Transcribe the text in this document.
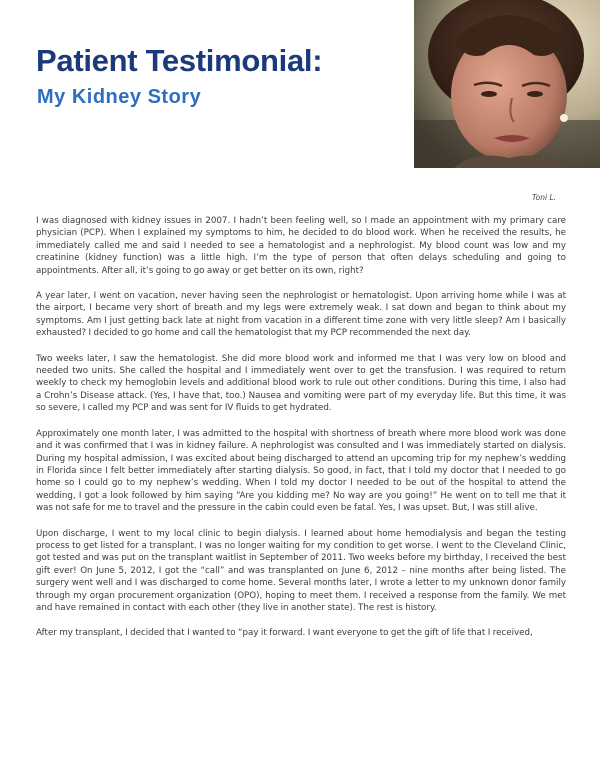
Patient Testimonial:
My Kidney Story
Toni L.

I was diagnosed with kidney issues in 2007. I hadn’t been feeling well, so I made an appointment with my primary care physician (PCP). When I explained my symptoms to him, he decided to do blood work. When he received the results, he immediately called me and said I needed to see a hematologist and a nephrologist. My blood count was low and my creatinine (kidney function) was a little high. I’m the type of person that often delays scheduling and going to appointments. After all, it’s going to go away or get better on its own, right?

A year later, I went on vacation, never having seen the nephrologist or hematologist. Upon arriving home while I was at the airport, I became very short of breath and my legs were extremely weak. I sat down and began to think about my symptoms. Am I just getting back late at night from vacation in a different time zone with very little sleep? Am I basically exhausted? I decided to go home and call the hematologist that my PCP recommended the next day.

Two weeks later, I saw the hematologist. She did more blood work and informed me that I was very low on blood and needed two units. She called the hospital and I immediately went over to get the transfusion. I was required to return weekly to check my hemoglobin levels and additional blood work to rule out other conditions. During this time, I also had a Crohn’s Disease attack. (Yes, I have that, too.) Nausea and vomiting were part of my everyday life. But this time, it was so severe, I called my PCP and was sent for IV fluids to get hydrated.

Approximately one month later, I was admitted to the hospital with shortness of breath where more blood work was done and it was confirmed that I was in kidney failure. A nephrologist was consulted and I was immediately started on dialysis. During my hospital admission, I was excited about being discharged to attend an upcoming trip for my nephew’s wedding in Florida since I felt better immediately after starting dialysis. So good, in fact, that I told my doctor that I needed to go home so I could go to my nephew’s wedding. When I told my doctor I needed to be out of the hospital to attend the wedding, I got a look followed by him saying “Are you kidding me? No way are you going!” He went on to tell me that it was not safe for me to travel and the pressure in the cabin could even be fatal. Yes, I was upset. But, I was still alive.

Upon discharge, I went to my local clinic to begin dialysis. I learned about home hemodialysis and began the testing process to get listed for a transplant. I was no longer waiting for my condition to get worse. I went to the Cleveland Clinic, got tested and was put on the transplant waitlist in September of 2011. Two weeks before my birthday, I received the best gift ever! On June 5, 2012, I got the “call” and was transplanted on June 6, 2012 – nine months after being listed. The surgery went well and I was discharged to come home. Several months later, I wrote a letter to my unknown donor family through my organ procurement organization (OPO), hoping to meet them. I received a response from the family. We met and have remained in contact with each other (they live in another state). The rest is history.

After my transplant, I decided that I wanted to “pay it forward. I want everyone to get the gift of life that I received,
